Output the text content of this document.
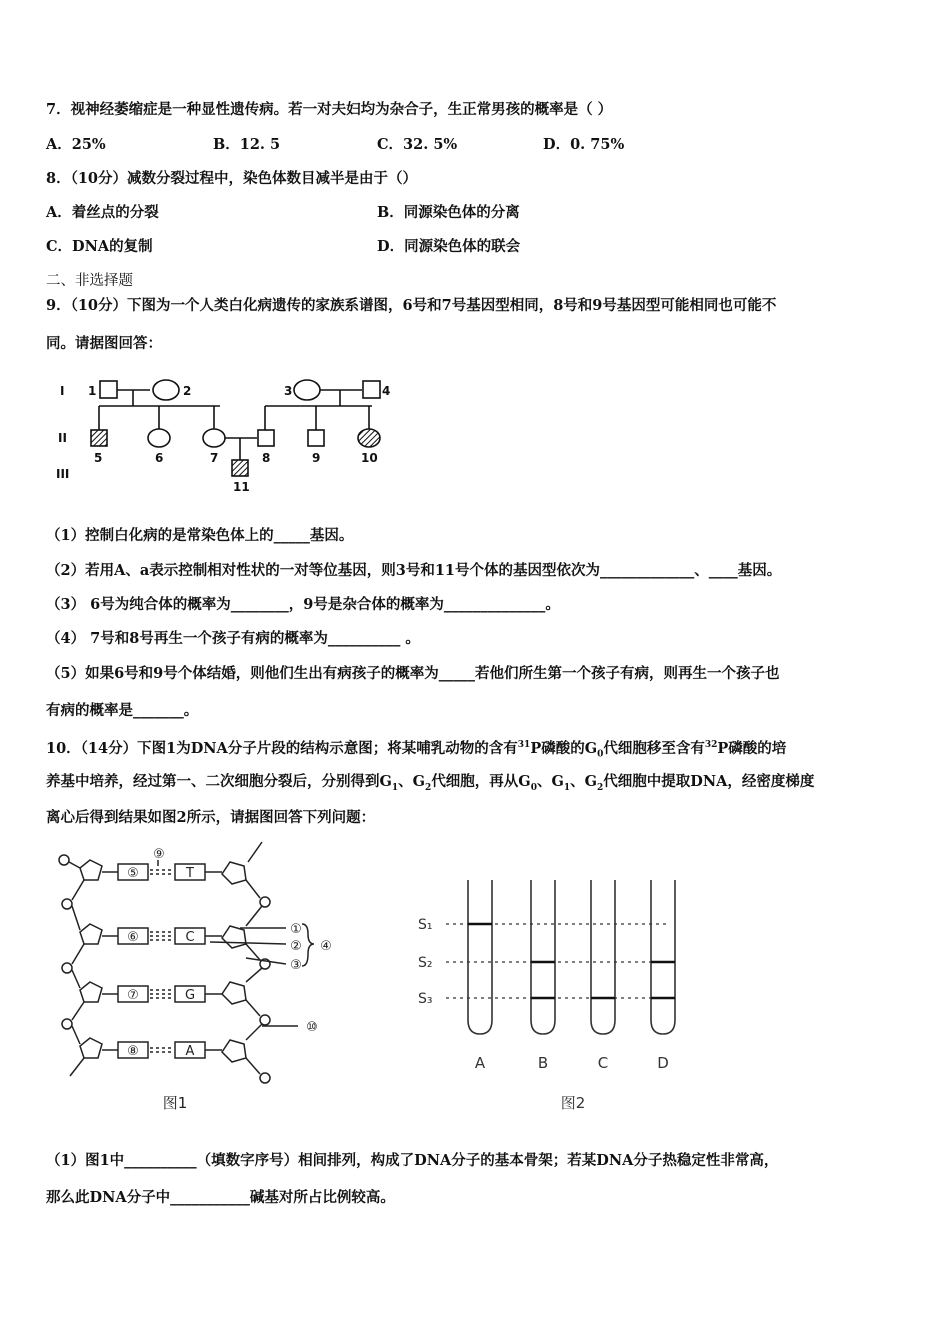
7．视神经萎缩症是一种显性遗传病。若一对夫妇均为杂合子，生正常男孩的概率是（ ）
A．25%	B．12. 5	C．32. 5%	D．0. 75%
8．（10分）减数分裂过程中，染色体数目减半是由于（）
A．着丝点的分裂	B．同源染色体的分离
C．DNA的复制	D．同源染色体的联会
二、非选择题
9．（10分）下图为一个人类白化病遗传的家族系谱图，6号和7号基因型相同，8号和9号基因型可能相同也可能不
同。请据图回答：
I
II
III
1	2	3	4
5	6	7	8	9	10
11
（1）控制白化病的是常染色体上的_____基因。
（2）若用A、a表示控制相对性状的一对等位基因，则3号和11号个体的基因型依次为_____________、____基因。
（3） 6号为纯合体的概率为________，9号是杂合体的概率为______________。
（4） 7号和8号再生一个孩子有病的概率为__________ 。
（5）如果6号和9号个体结婚，则他们生出有病孩子的概率为_____若他们所生第一个孩子有病，则再生一个孩子也
有病的概率是_______。
10．（14分）下图1为DNA分子片段的结构示意图；将某哺乳动物的含有$^{31}$P磷酸的$G_0$代细胞移至含有$^{32}$P磷酸的培
养基中培养，经过第一、二次细胞分裂后，分别得到$G_1$、$G_2$代细胞，再从$G_0$、$G_1$、$G_2$代细胞中提取DNA，经密度梯度
离心后得到结果如图2所示，请据图回答下列问题：
⑤
⑥
⑦
⑧
T
C
G
A
⑨
①
②
③
④
⑩
图1
S₁
S₂
S₃
A	B	C	D
图2
（1）图1中__________（填数字序号）相间排列，构成了DNA分子的基本骨架；若某DNA分子热稳定性非常高，
那么此DNA分子中___________碱基对所占比例较高。
